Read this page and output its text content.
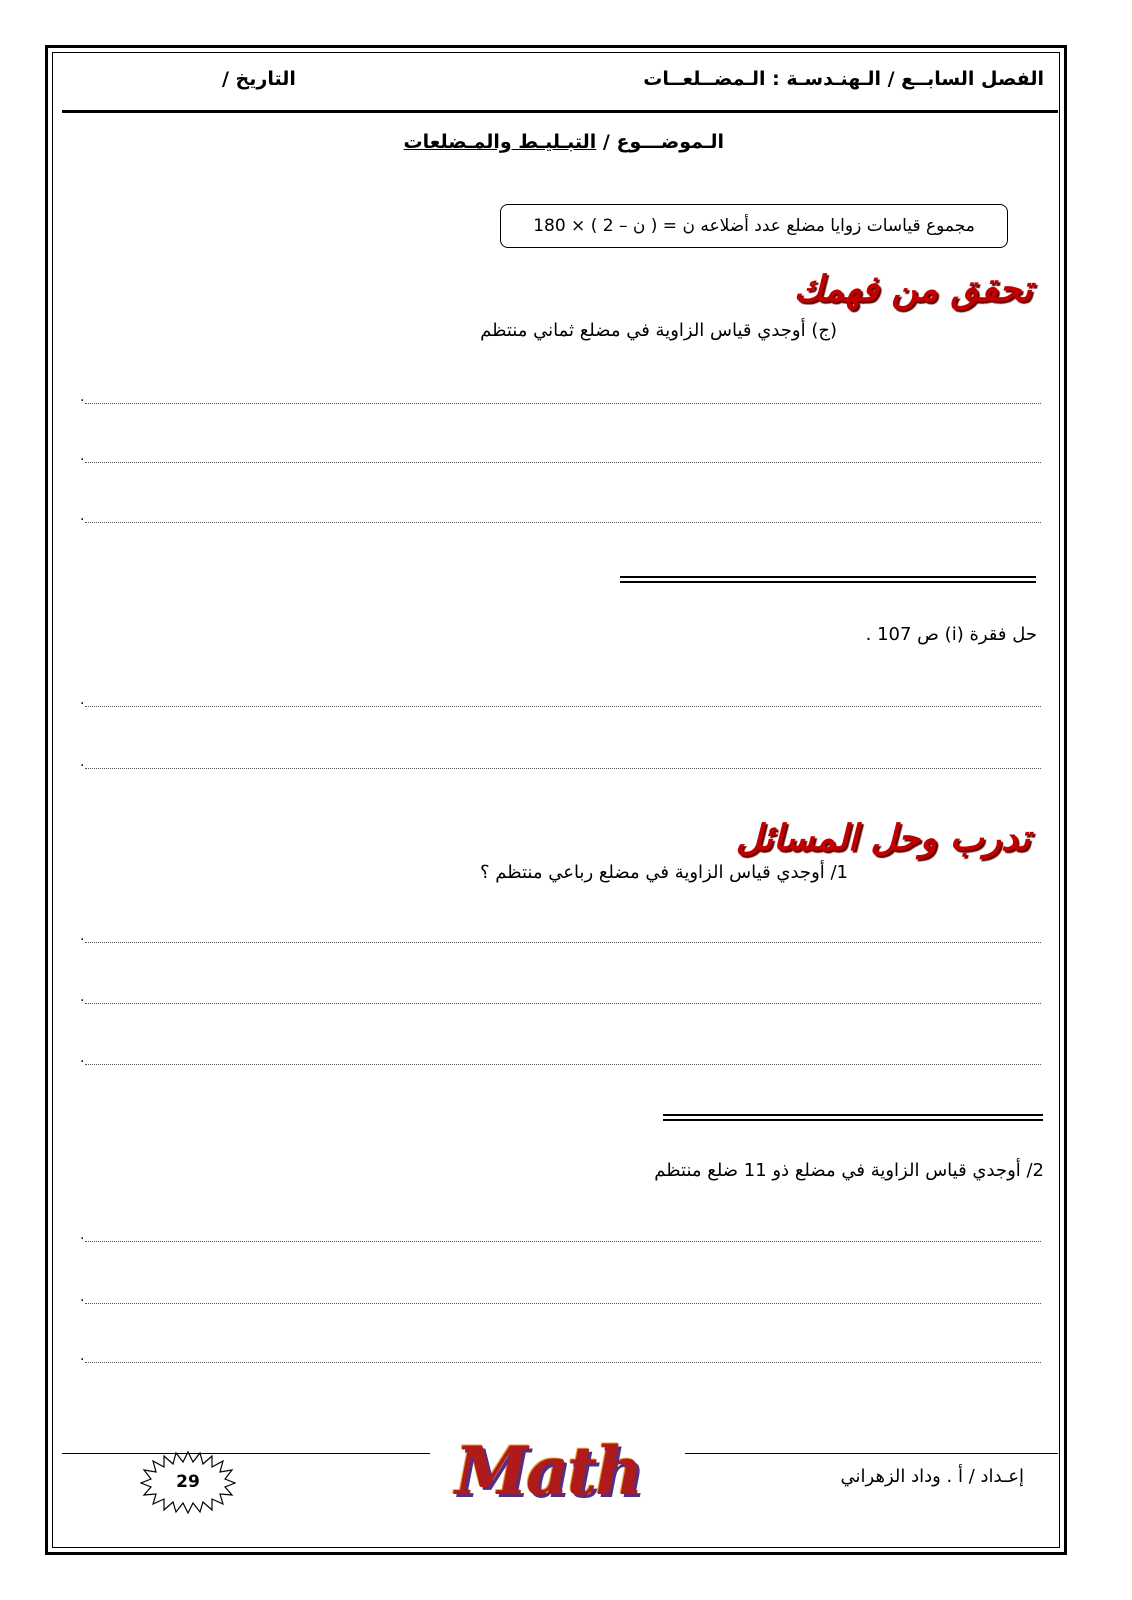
الفصل السابــع / الـهنـدسـة : الـمضــلعــات
التاريخ /
الـموضـــوع / التبـليـط والمـضلعات
مجموع قياسات زوايا مضلع عدد أضلاعه ن = ( ن – 2 ) × 180
تحقق من فهمك
(ج) أوجدي قياس الزاوية في مضلع ثماني منتظم
حل فقرة (i) ص 107 .
تدرب وحل المسائل
1/ أوجدي قياس الزاوية في مضلع رباعي منتظم ؟
2/ أوجدي قياس الزاوية في مضلع ذو 11 ضلع منتظم
29	Math	إعـداد / أ . وداد الزهراني
.
.
.
.
.
.
.
.
.
.
.
